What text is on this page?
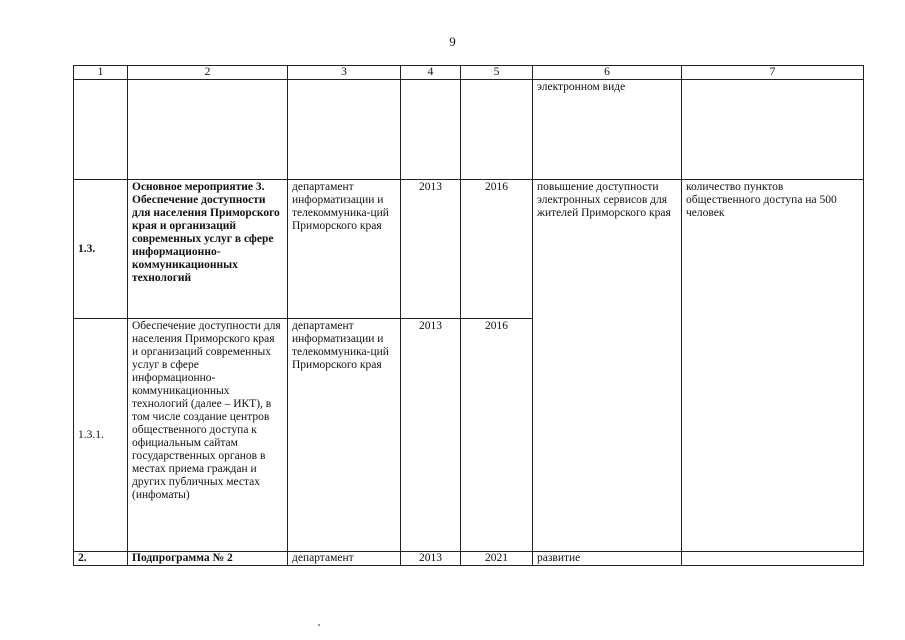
9
1	2	3	4	5	6	7
					электронном виде	
1.3.	Основное мероприятие 3. Обеспечение доступности для населения Приморского края и организаций современных услуг в сфере информационно-коммуникационных технологий	департамент информатизации и телекоммуника-ций Приморского края	2013	2016	повышение доступности электронных сервисов для жителей Приморского края	количество пунктов общественного доступа на 500 человек
1.3.1.	Обеспечение доступности для населения Приморского края и организаций современных услуг в сфере информационно-коммуникационных технологий (далее – ИКТ), в том числе создание центров общественного доступа к официальным сайтам государственных органов в местах приема граждан и других публичных местах (инфоматы)	департамент информатизации и телекоммуника-ций Приморского края	2013	2016		
2.	Подпрограмма № 2	департамент	2013	2021	развитие	
